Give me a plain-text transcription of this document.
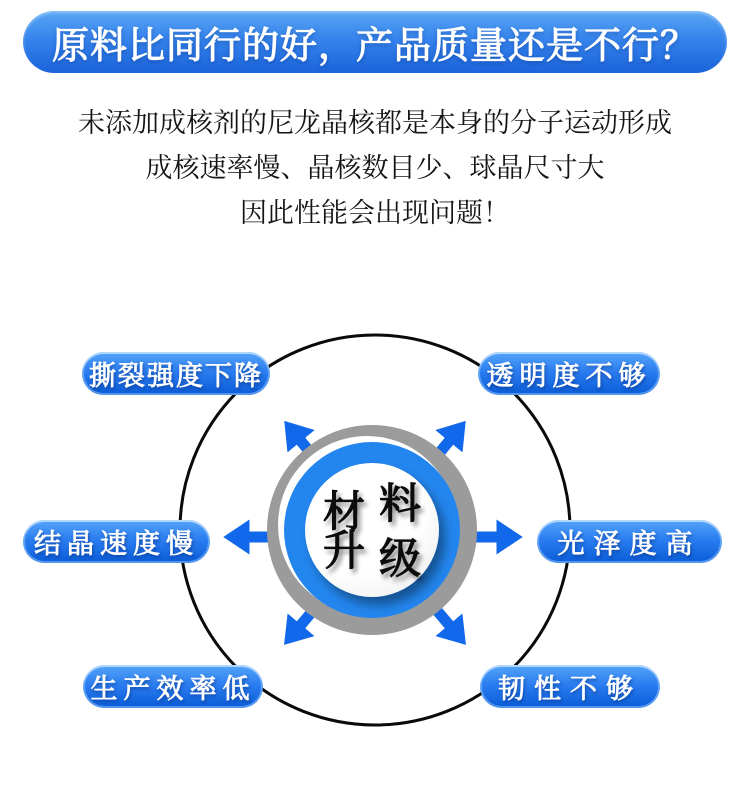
原料比同行的好，产品质量还是不行？
未添加成核剂的尼龙晶核都是本身的分子运动形成
成核速率慢、晶核数目少、球晶尺寸大
因此性能会出现问题！
材 料
升 级
撕裂强度下降	透明度不够
结晶速度慢	光泽度高
生产效率低	韧性不够
